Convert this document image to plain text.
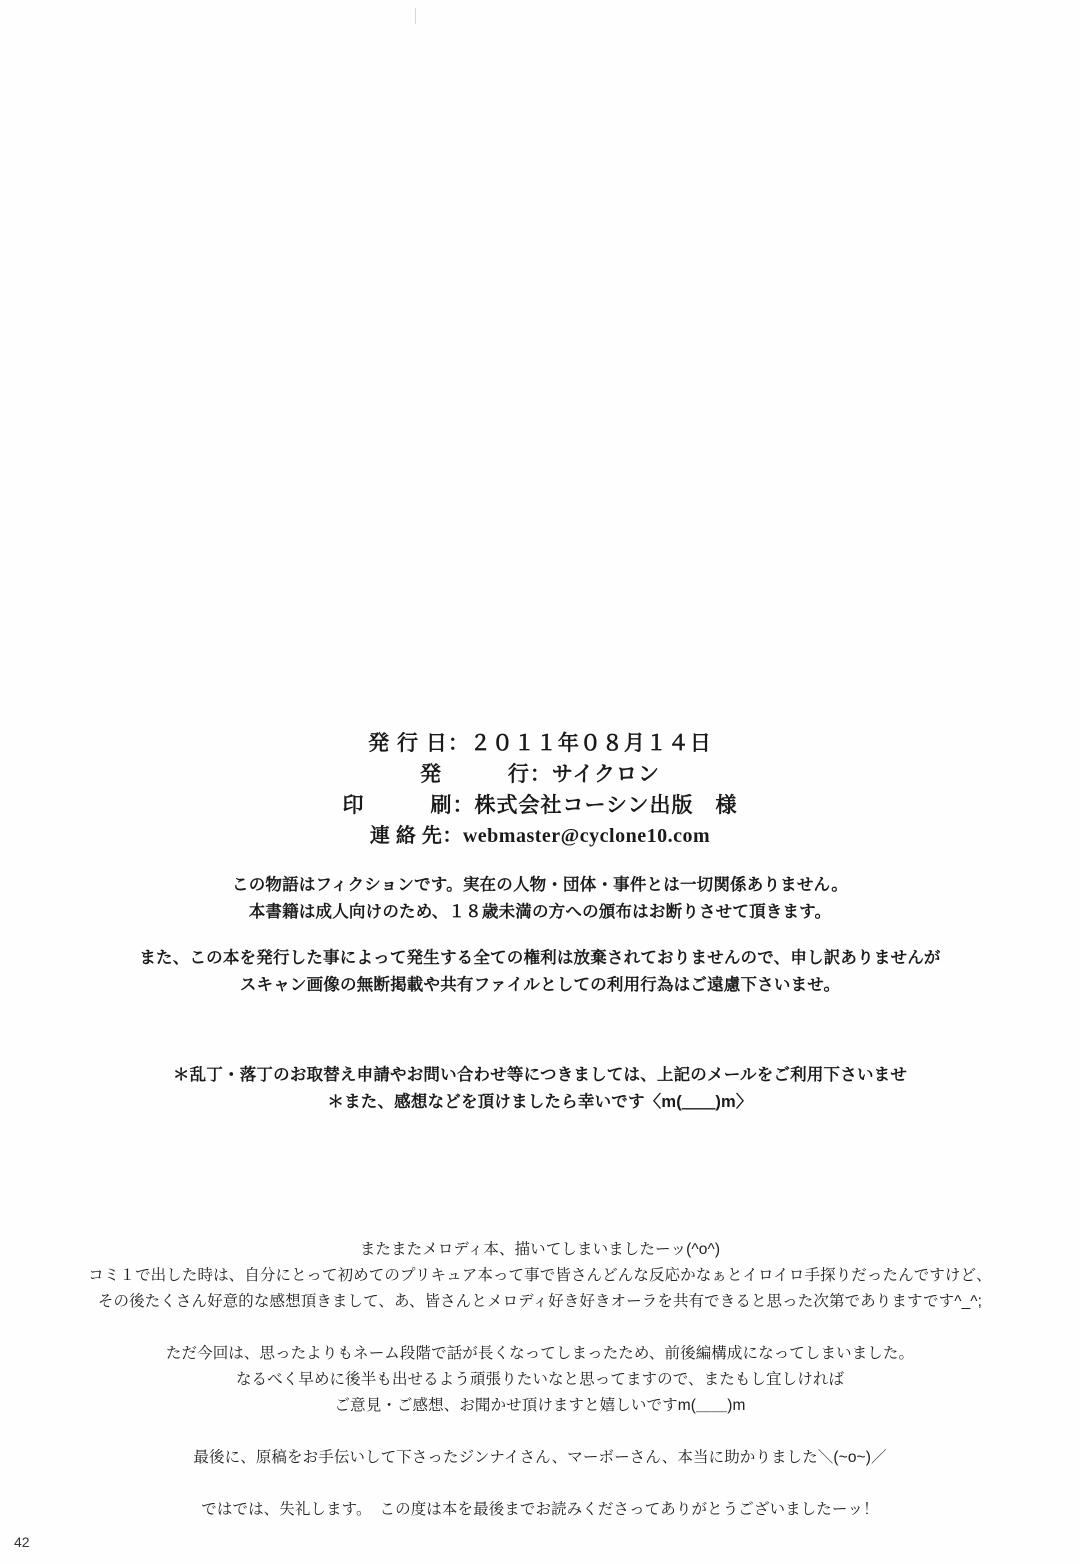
発 行 日：２０１１年０８月１４日
発　　　行：サイクロン
印　　　刷：株式会社コーシン出版　様
連 絡 先：webmaster@cyclone10.com

この物語はフィクションです。実在の人物・団体・事件とは一切関係ありません。

本書籍は成人向けのため、１８歳未満の方への頒布はお断りさせて頂きます。

また、この本を発行した事によって発生する全ての権利は放棄されておりませんので、申し訳ありませんが

スキャン画像の無断掲載や共有ファイルとしての利用行為はご遠慮下さいませ。

＊乱丁・落丁のお取替え申請やお問い合わせ等につきましては、上記のメールをご利用下さいませ

＊また、感想などを頂けましたら幸いです〈m(＿＿)m〉

またまたメロディ本、描いてしまいましたーッ(^o^)

コミ１で出した時は、自分にとって初めてのプリキュア本って事で皆さんどんな反応かなぁとイロイロ手探りだったんですけど、

その後たくさん好意的な感想頂きまして、あ、皆さんとメロディ好き好きオーラを共有できると思った次第でありますです^_^;

ただ今回は、思ったよりもネーム段階で話が長くなってしまったため、前後編構成になってしまいました。

なるべく早めに後半も出せるよう頑張りたいなと思ってますので、またもし宜しければ

ご意見・ご感想、お聞かせ頂けますと嬉しいですm(＿＿)m

最後に、原稿をお手伝いして下さったジンナイさん、マーボーさん、本当に助かりました＼(~o~)／

ではでは、失礼します。　この度は本を最後までお読みくださってありがとうございましたーッ！

42
